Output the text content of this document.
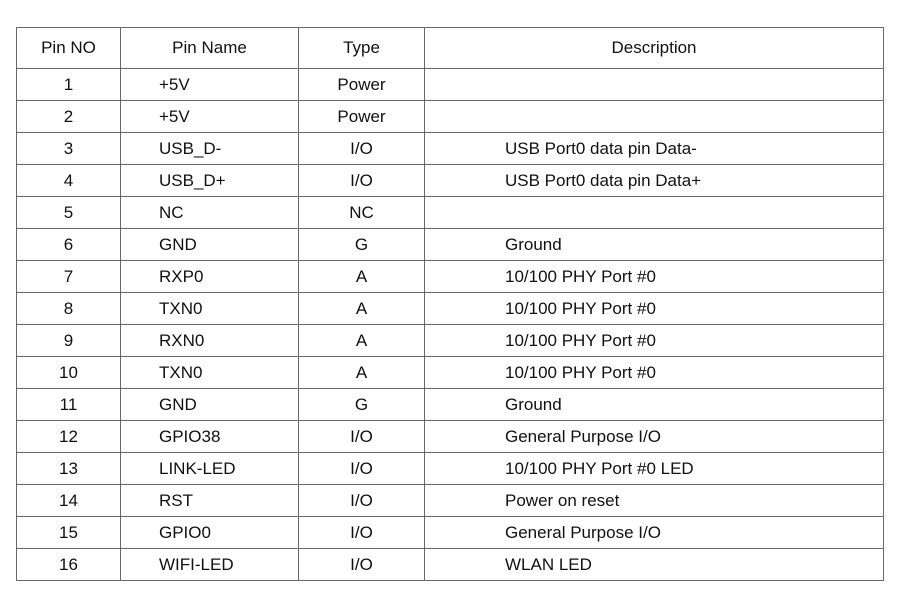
Pin NO	Pin Name	Type	Description
1	+5V	Power	
2	+5V	Power	
3	USB_D-	I/O	USB Port0 data pin Data-
4	USB_D+	I/O	USB Port0 data pin Data+
5	NC	NC	
6	GND	G	Ground
7	RXP0	A	10/100 PHY Port #0
8	TXN0	A	10/100 PHY Port #0
9	RXN0	A	10/100 PHY Port #0
10	TXN0	A	10/100 PHY Port #0
11	GND	G	Ground
12	GPIO38	I/O	General Purpose I/O
13	LINK-LED	I/O	10/100 PHY Port #0 LED
14	RST	I/O	Power on reset
15	GPIO0	I/O	General Purpose I/O
16	WIFI-LED	I/O	WLAN LED
